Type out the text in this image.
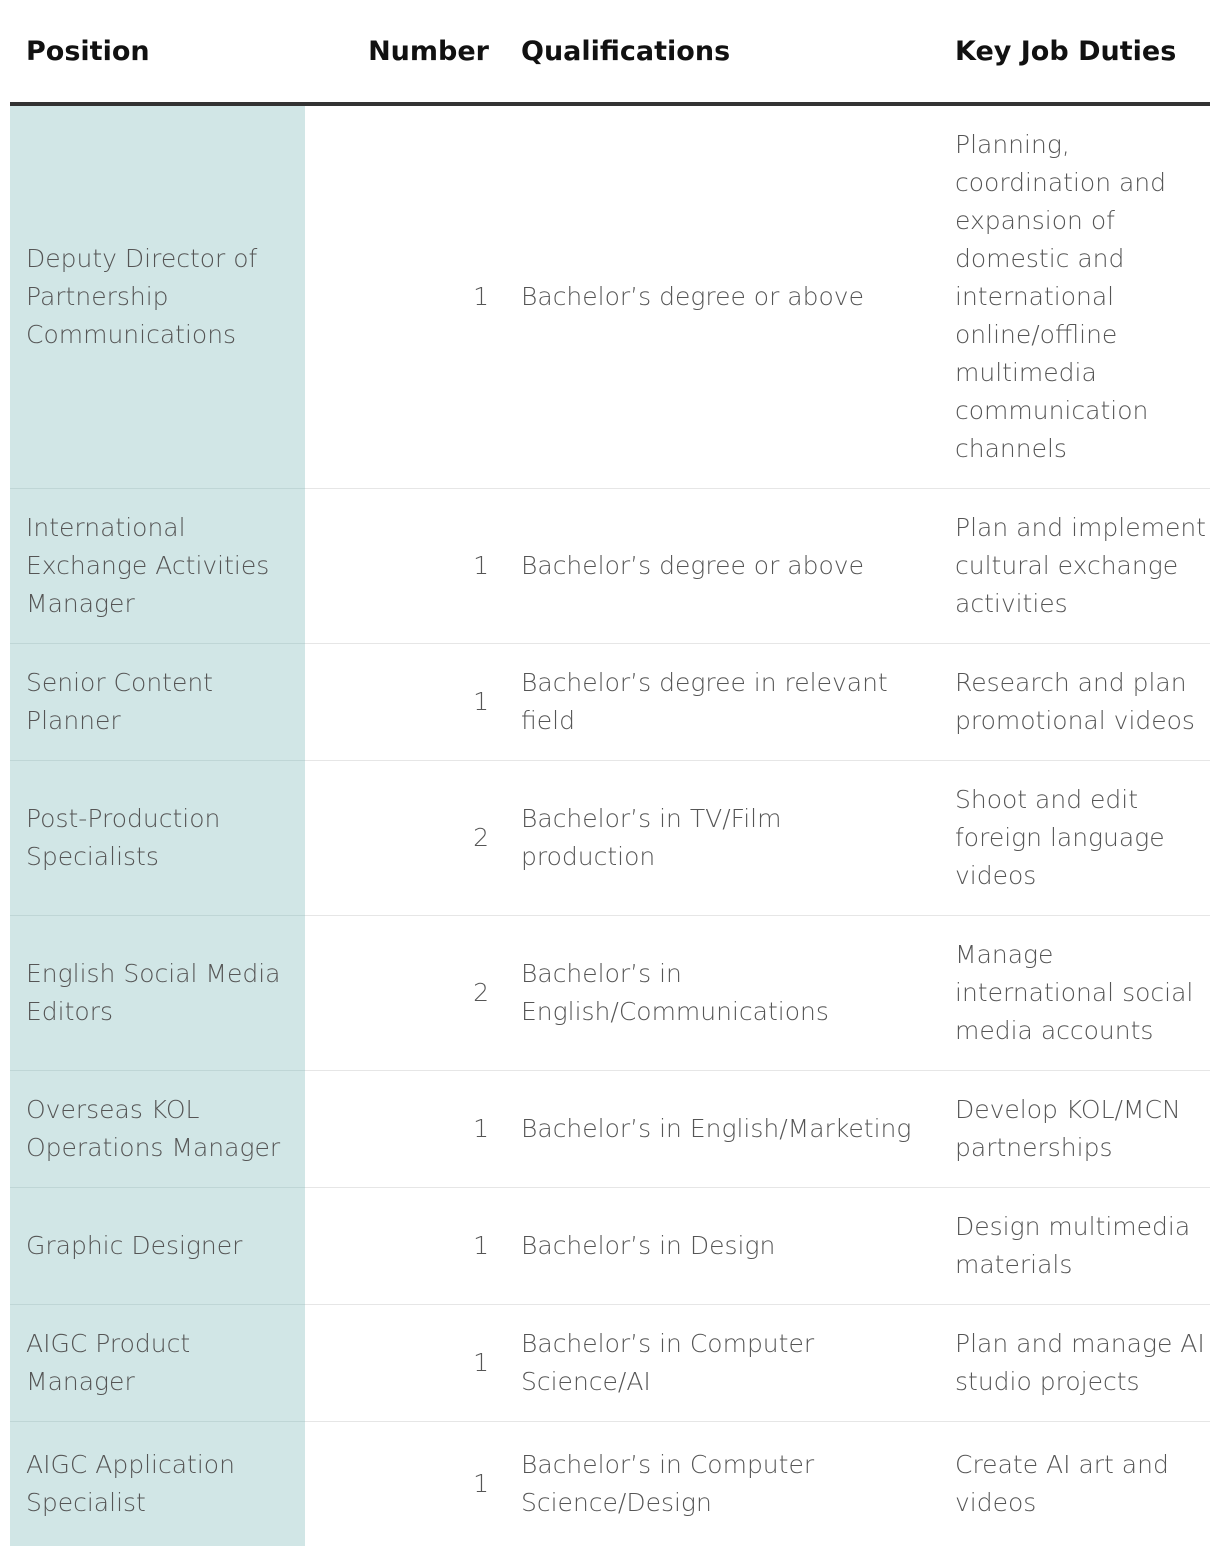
Position	Number	Qualifications	Key Job Duties
Deputy Director of Partnership Communications	1	Bachelor’s degree or above	Planning, coordination and expansion of domestic and international online/offline multimedia communication channels
International Exchange Activities Manager	1	Bachelor’s degree or above	Plan and implement cultural exchange activities
Senior Content Planner	1	Bachelor’s degree in relevant field	Research and plan promotional videos
Post-Production Specialists	2	Bachelor’s in TV/Film production	Shoot and edit foreign language videos
English Social Media Editors	2	Bachelor’s in English/Communications	Manage international social media accounts
Overseas KOL Operations Manager	1	Bachelor’s in English/Marketing	Develop KOL/MCN partnerships
Graphic Designer	1	Bachelor’s in Design	Design multimedia materials
AIGC Product Manager	1	Bachelor’s in Computer Science/AI	Plan and manage AI studio projects
AIGC Application Specialist	1	Bachelor’s in Computer Science/Design	Create AI art and videos
